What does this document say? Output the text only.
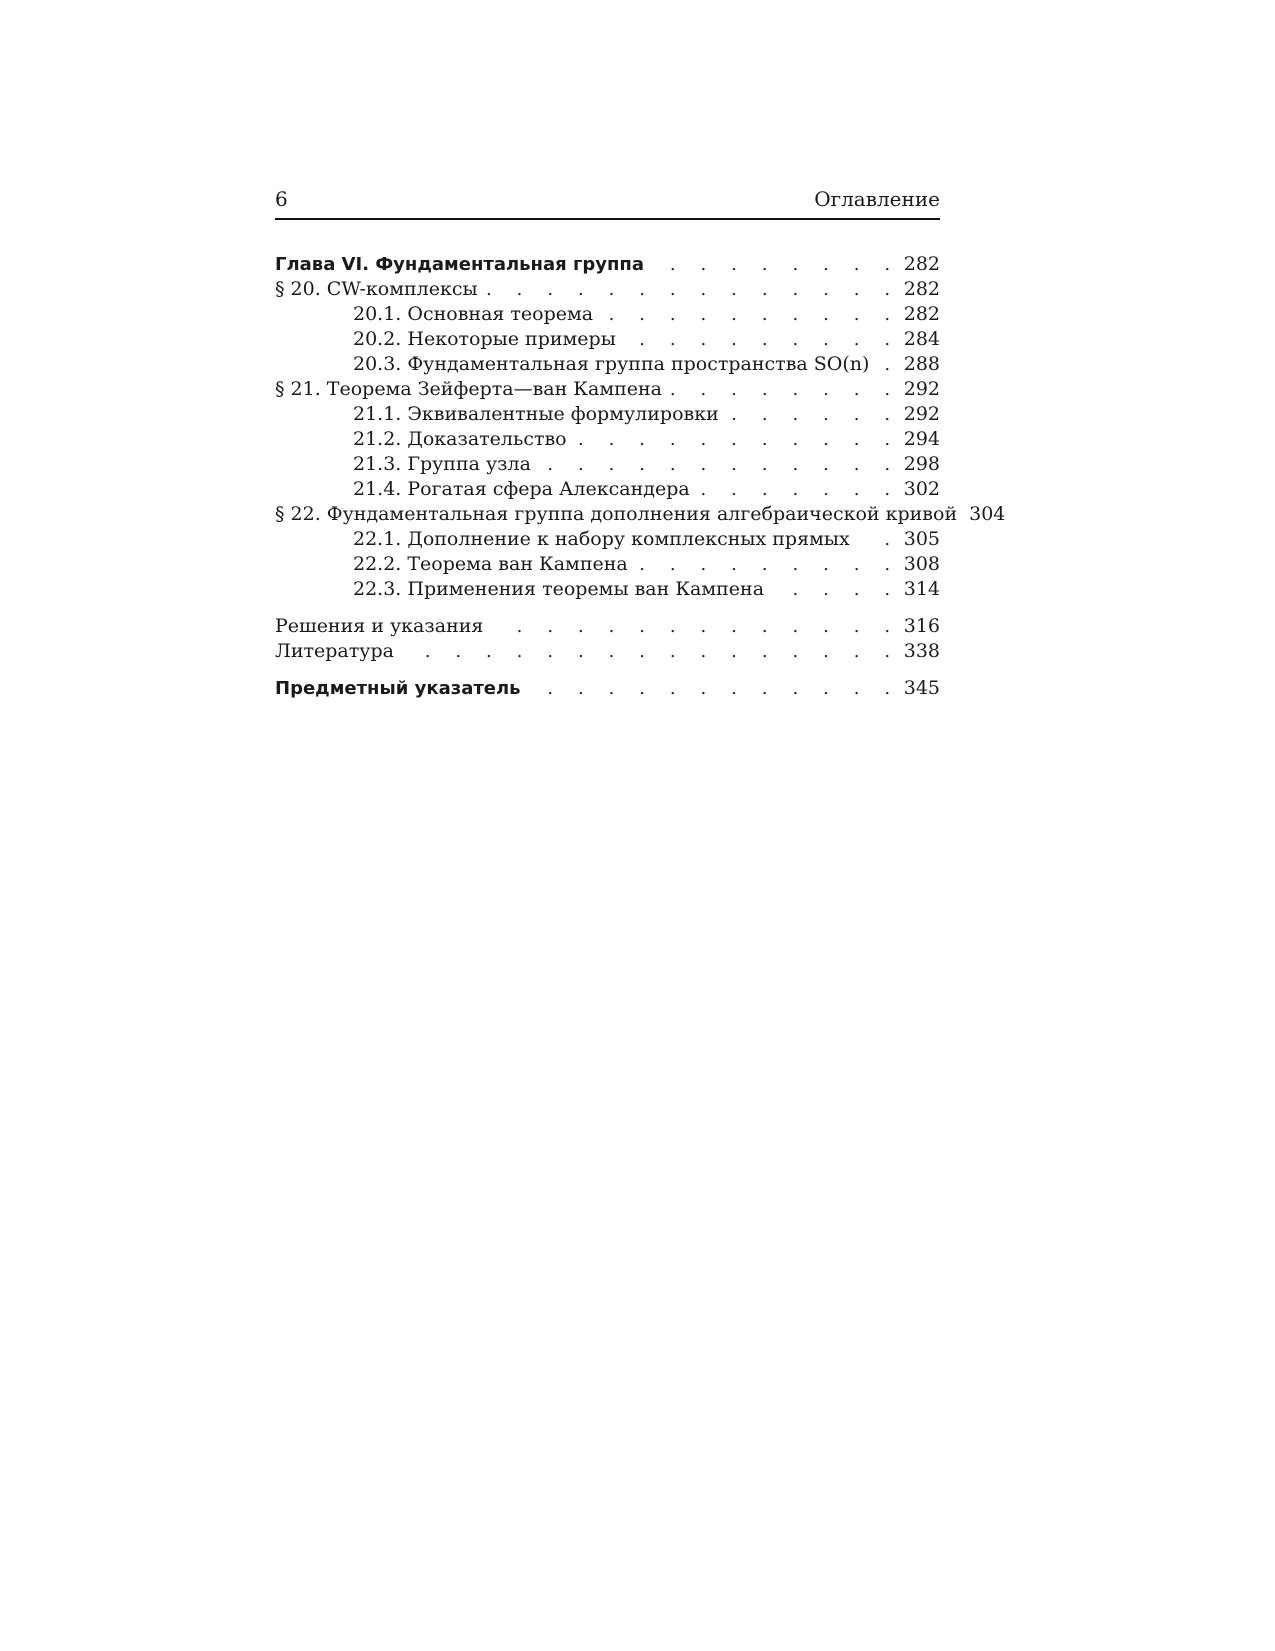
6	Оглавление
Глава VI. Фундаментальная группа . . .	282
§ 20. CW-комплексы . . .	282
20.1. Основная теорема . . .	282
20.2. Некоторые примеры . . .	284
20.3. Фундаментальная группа пространства SO(n) . . .	288
§ 21. Теорема Зейферта—ван Кампена . . .	292
21.1. Эквивалентные формулировки . . .	292
21.2. Доказательство . . .	294
21.3. Группа узла . . .	298
21.4. Рогатая сфера Александера . . .	302
§ 22. Фундаментальная группа дополнения алгебраической кривой 304
22.1. Дополнение к набору комплексных прямых . . .	305
22.2. Теорема ван Кампена . . .	308
22.3. Применения теоремы ван Кампена . . .	314
Решения и указания . . .	316
Литература . . .	338
Предметный указатель . . .	345
